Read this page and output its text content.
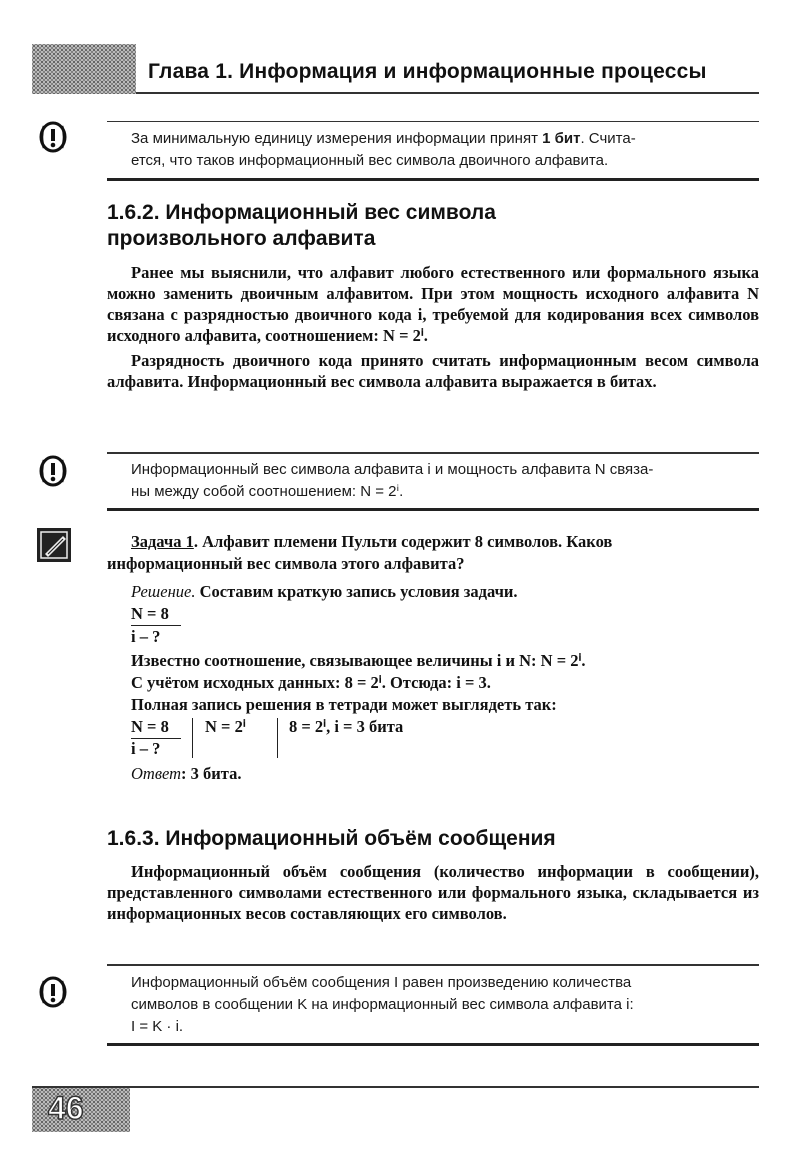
Глава 1. Информация и информационные процессы
За минимальную единицу измерения информации принят 1 бит. Счита-
ется, что таков информационный вес символа двоичного алфавита.
1.6.2. Информационный вес символа
произвольного алфавита

Ранее мы выяснили, что алфавит любого естественного или формального языка можно заменить двоичным алфавитом. При этом мощность исходного алфавита N связана с разрядностью двоичного кода i, требуемой для кодирования всех символов исходного алфавита, соотношением: N = 2ⁱ.

Разрядность двоичного кода принято считать информационным весом символа алфавита. Информационный вес символа алфавита выражается в битах.

Информационный вес символа алфавита i и мощность алфавита N связа-
ны между собой соотношением: N = 2ⁱ.
Задача 1. Алфавит племени Пульти содержит 8 символов. Каков
информационный вес символа этого алфавита?
Решение. Составим краткую запись условия задачи.
N = 8
i – ?
Известно соотношение, связывающее величины i и N: N = 2ⁱ.
С учётом исходных данных: 8 = 2ⁱ. Отсюда: i = 3.
Полная запись решения в тетради может выглядеть так:
N = 8
i – ?
N = 2ⁱ	8 = 2ⁱ, i = 3 бита
Ответ: 3 бита.
1.6.3. Информационный объём сообщения

Информационный объём сообщения (количество информации в сообщении), представленного символами естественного или формального языка, складывается из информационных весов составляющих его символов.

Информационный объём сообщения I равен произведению количества
символов в сообщении K на информационный вес символа алфавита i:
I = K · i.
46
